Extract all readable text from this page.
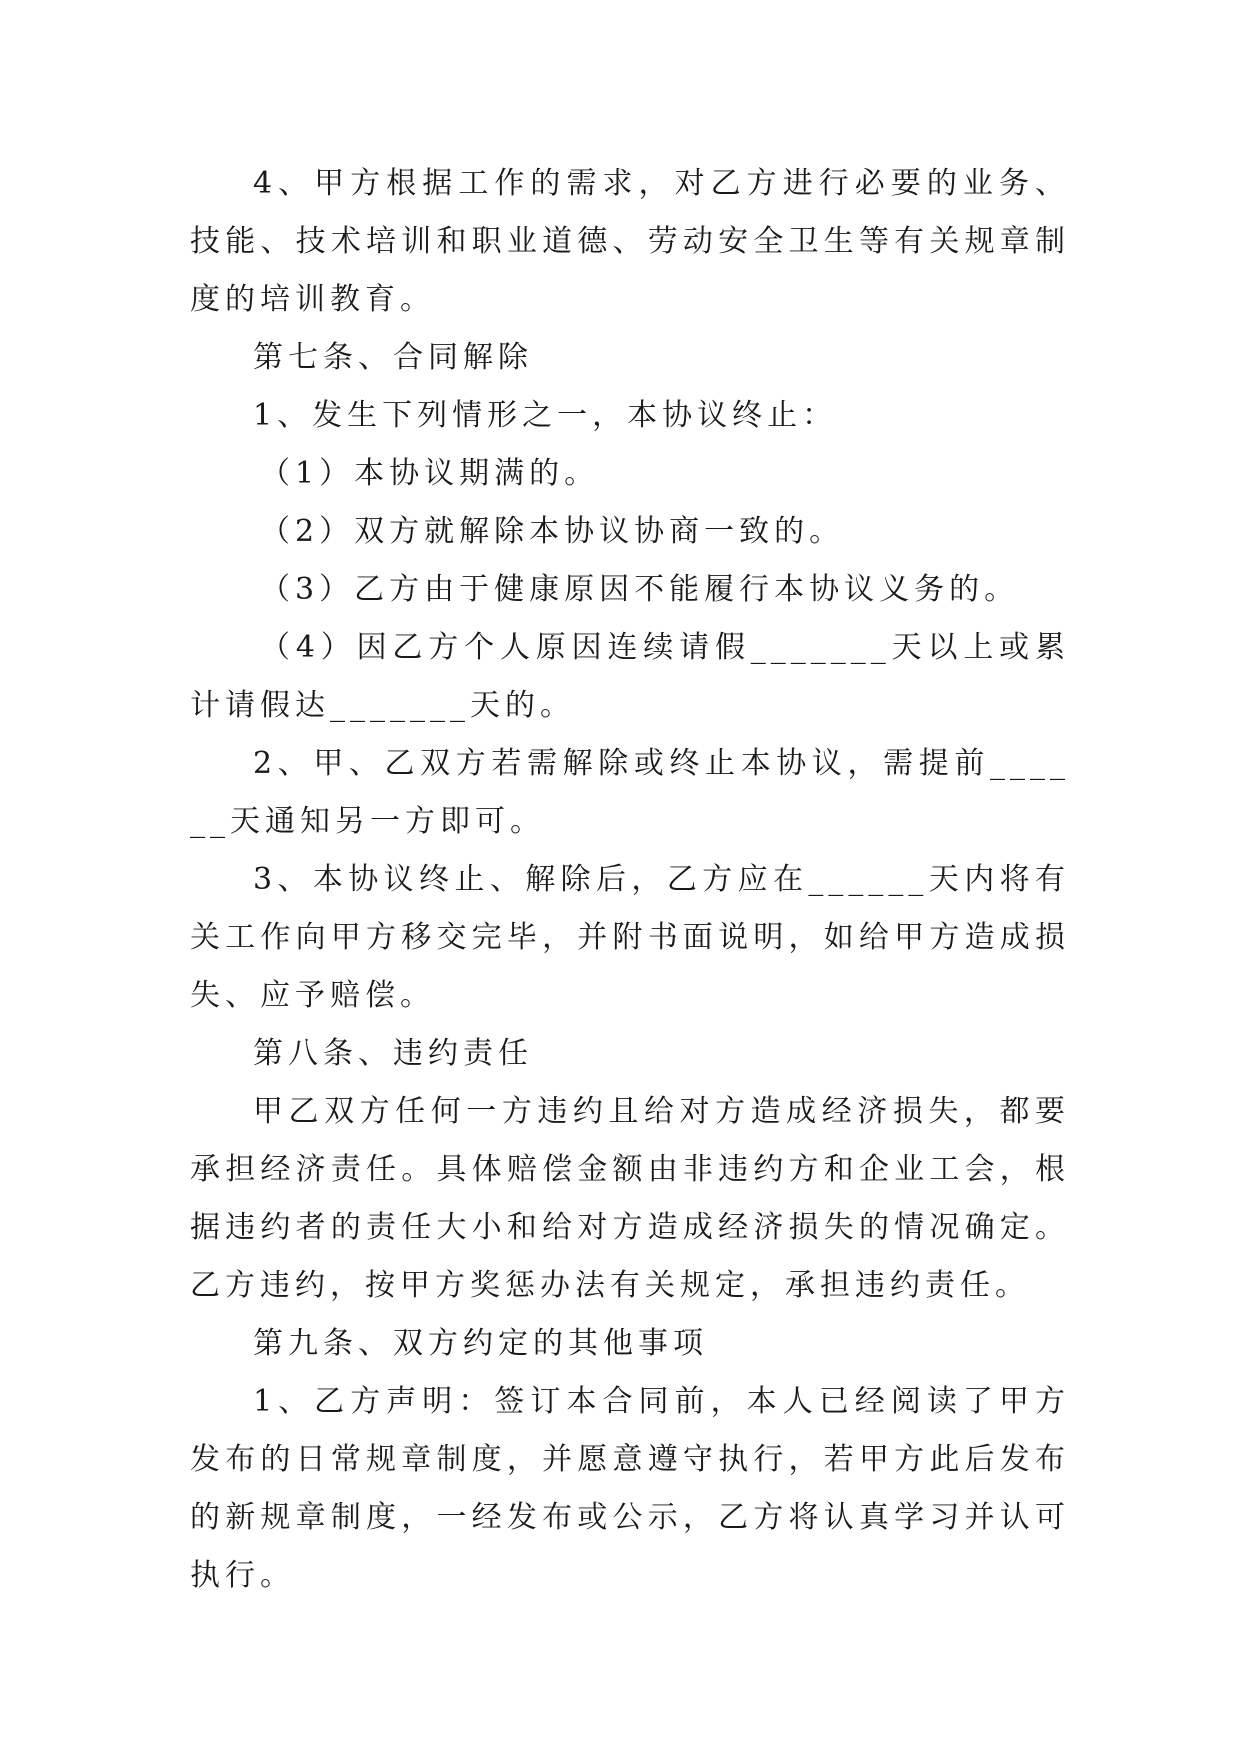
4、甲方根据工作的需求，对乙方进行必要的业务、技能、技术培训和职业道德、劳动安全卫生等有关规章制度的培训教育。

第七条、合同解除

1、发生下列情形之一，本协议终止：

（1）本协议期满的。

（2）双方就解除本协议协商一致的。

（3）乙方由于健康原因不能履行本协议义务的。

（4）因乙方个人原因连续请假_______天以上或累计请假达_______天的。

2、甲、乙双方若需解除或终止本协议，需提前______天通知另一方即可。

3、本协议终止、解除后，乙方应在______天内将有关工作向甲方移交完毕，并附书面说明，如给甲方造成损失、应予赔偿。

第八条、违约责任

甲乙双方任何一方违约且给对方造成经济损失，都要承担经济责任。具体赔偿金额由非违约方和企业工会，根据违约者的责任大小和给对方造成经济损失的情况确定。乙方违约，按甲方奖惩办法有关规定，承担违约责任。

第九条、双方约定的其他事项

1、乙方声明：签订本合同前，本人已经阅读了甲方发布的日常规章制度，并愿意遵守执行，若甲方此后发布的新规章制度，一经发布或公示，乙方将认真学习并认可执行。
